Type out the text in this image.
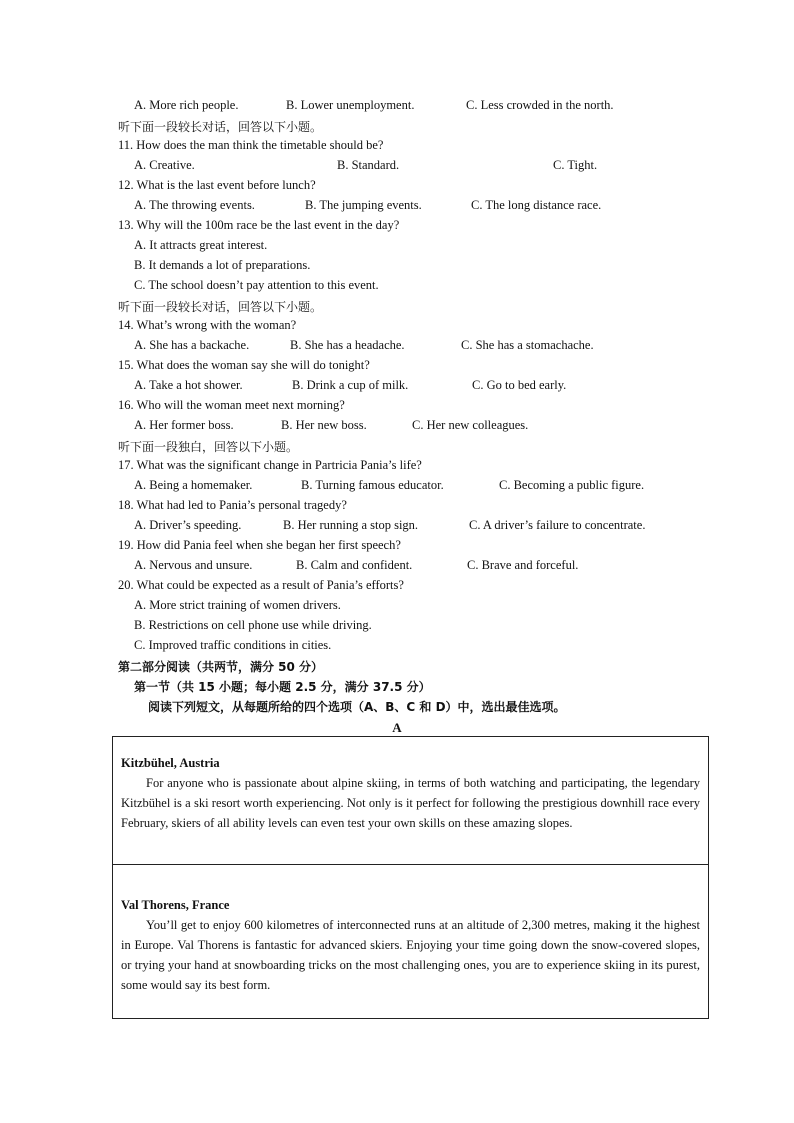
A. More rich people.	B. Lower unemployment.	C. Less crowded in the north.
听下面一段较长对话，回答以下小题。
11. How does the man think the timetable should be?
A. Creative.	B. Standard.	C. Tight.
12. What is the last event before lunch?
A. The throwing events.	B. The jumping events.	C. The long distance race.
13. Why will the 100m race be the last event in the day?
A. It attracts great interest.
B. It demands a lot of preparations.
C. The school doesn’t pay attention to this event.
听下面一段较长对话，回答以下小题。
14. What’s wrong with the woman?
A. She has a backache.	B. She has a headache.	C. She has a stomachache.
15. What does the woman say she will do tonight?
A. Take a hot shower.	B. Drink a cup of milk.	C. Go to bed early.
16. Who will the woman meet next morning?
A. Her former boss.	B. Her new boss.	C. Her new colleagues.
听下面一段独白，回答以下小题。
17. What was the significant change in Partricia Pania’s life?
A. Being a homemaker.	B. Turning famous educator.	C. Becoming a public figure.
18. What had led to Pania’s personal tragedy?
A. Driver’s speeding.	B. Her running a stop sign.	C. A driver’s failure to concentrate.
19. How did Pania feel when she began her first speech?
A. Nervous and unsure.	B. Calm and confident.	C. Brave and forceful.
20. What could be expected as a result of Pania’s efforts?
A. More strict training of women drivers.
B. Restrictions on cell phone use while driving.
C. Improved traffic conditions in cities.
第二部分阅读（共两节，满分 50 分）
第一节（共 15 小题；每小题 2.5 分，满分 37.5 分）
阅读下列短文，从每题所给的四个选项（A、B、C 和 D）中，选出最佳选项。
A

Kitzbühel, Austria

For anyone who is passionate about alpine skiing, in terms of both watching and participating, the legendary Kitzbühel is a ski resort worth experiencing. Not only is it perfect for following the prestigious downhill race every February, skiers of all ability levels can even test your own skills on these amazing slopes.

Val Thorens, France

You’ll get to enjoy 600 kilometres of interconnected runs at an altitude of 2,300 metres, making it the highest in Europe. Val Thorens is fantastic for advanced skiers. Enjoying your time going down the snow-covered slopes, or trying your hand at snowboarding tricks on the most challenging ones, you are to experience skiing in its purest, some would say its best form.
